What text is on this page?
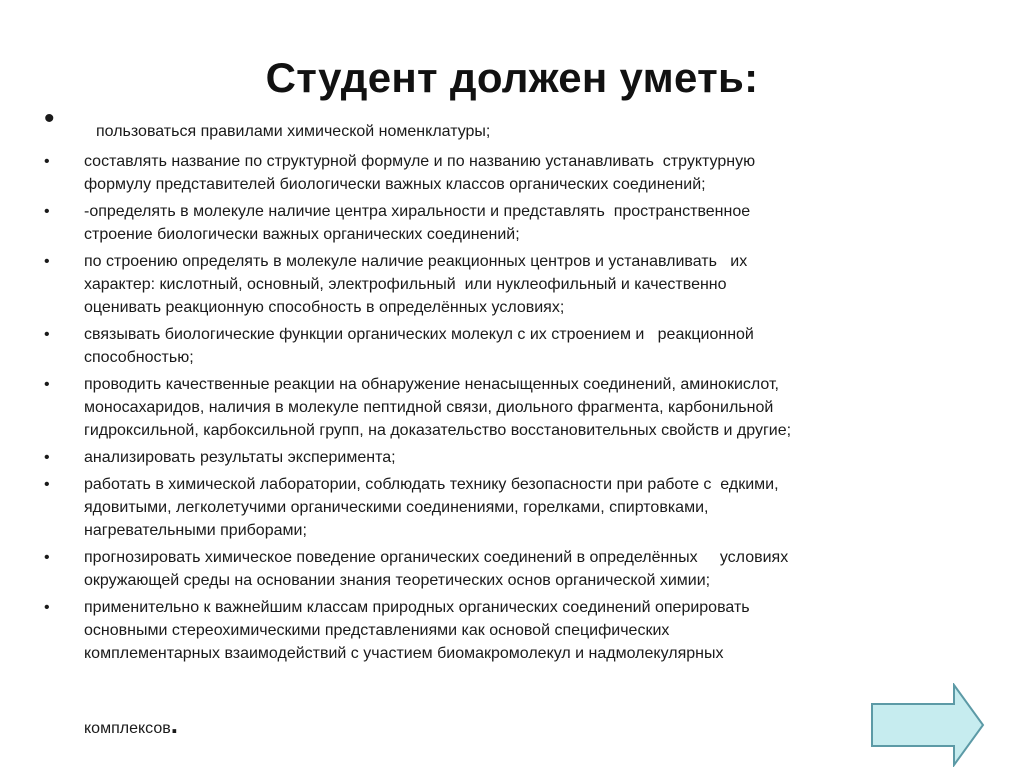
Студент должен уметь:
•	пользоваться правилами химической номенклатуры;
• составлять название по структурной формуле и по названию устанавливать  структурную
формулу представителей биологически важных классов органических соединений;
• -определять в молекуле наличие центра хиральности и представлять  пространственное
строение биологически важных органических соединений;
• по строению определять в молекуле наличие реакционных центров и устанавливать   их
характер: кислотный, основный, электрофильный  или нуклеофильный и качественно
оценивать реакционную способность в определённых условиях;
• связывать биологические функции органических молекул с их строением и   реакционной
способностью;
• проводить качественные реакции на обнаружение ненасыщенных соединений, аминокислот,
моносахаридов, наличия в молекуле пептидной связи, диольного фрагмента, карбонильной
гидроксильной, карбоксильной групп, на доказательство восстановительных свойств и другие;
• анализировать результаты эксперимента;
• работать в химической лаборатории, соблюдать технику безопасности при работе с  едкими,
ядовитыми, легколетучими органическими соединениями, горелками, спиртовками,
нагревательными приборами;
• прогнозировать химическое поведение органических соединений в определённых     условиях
окружающей среды на основании знания теоретических основ органической химии;
• применительно к важнейшим классам природных органических соединений оперировать
основными стереохимическими представлениями как основой специфических
комплементарных взаимодействий с участием биомакромолекул и надмолекулярных
комплексов.
